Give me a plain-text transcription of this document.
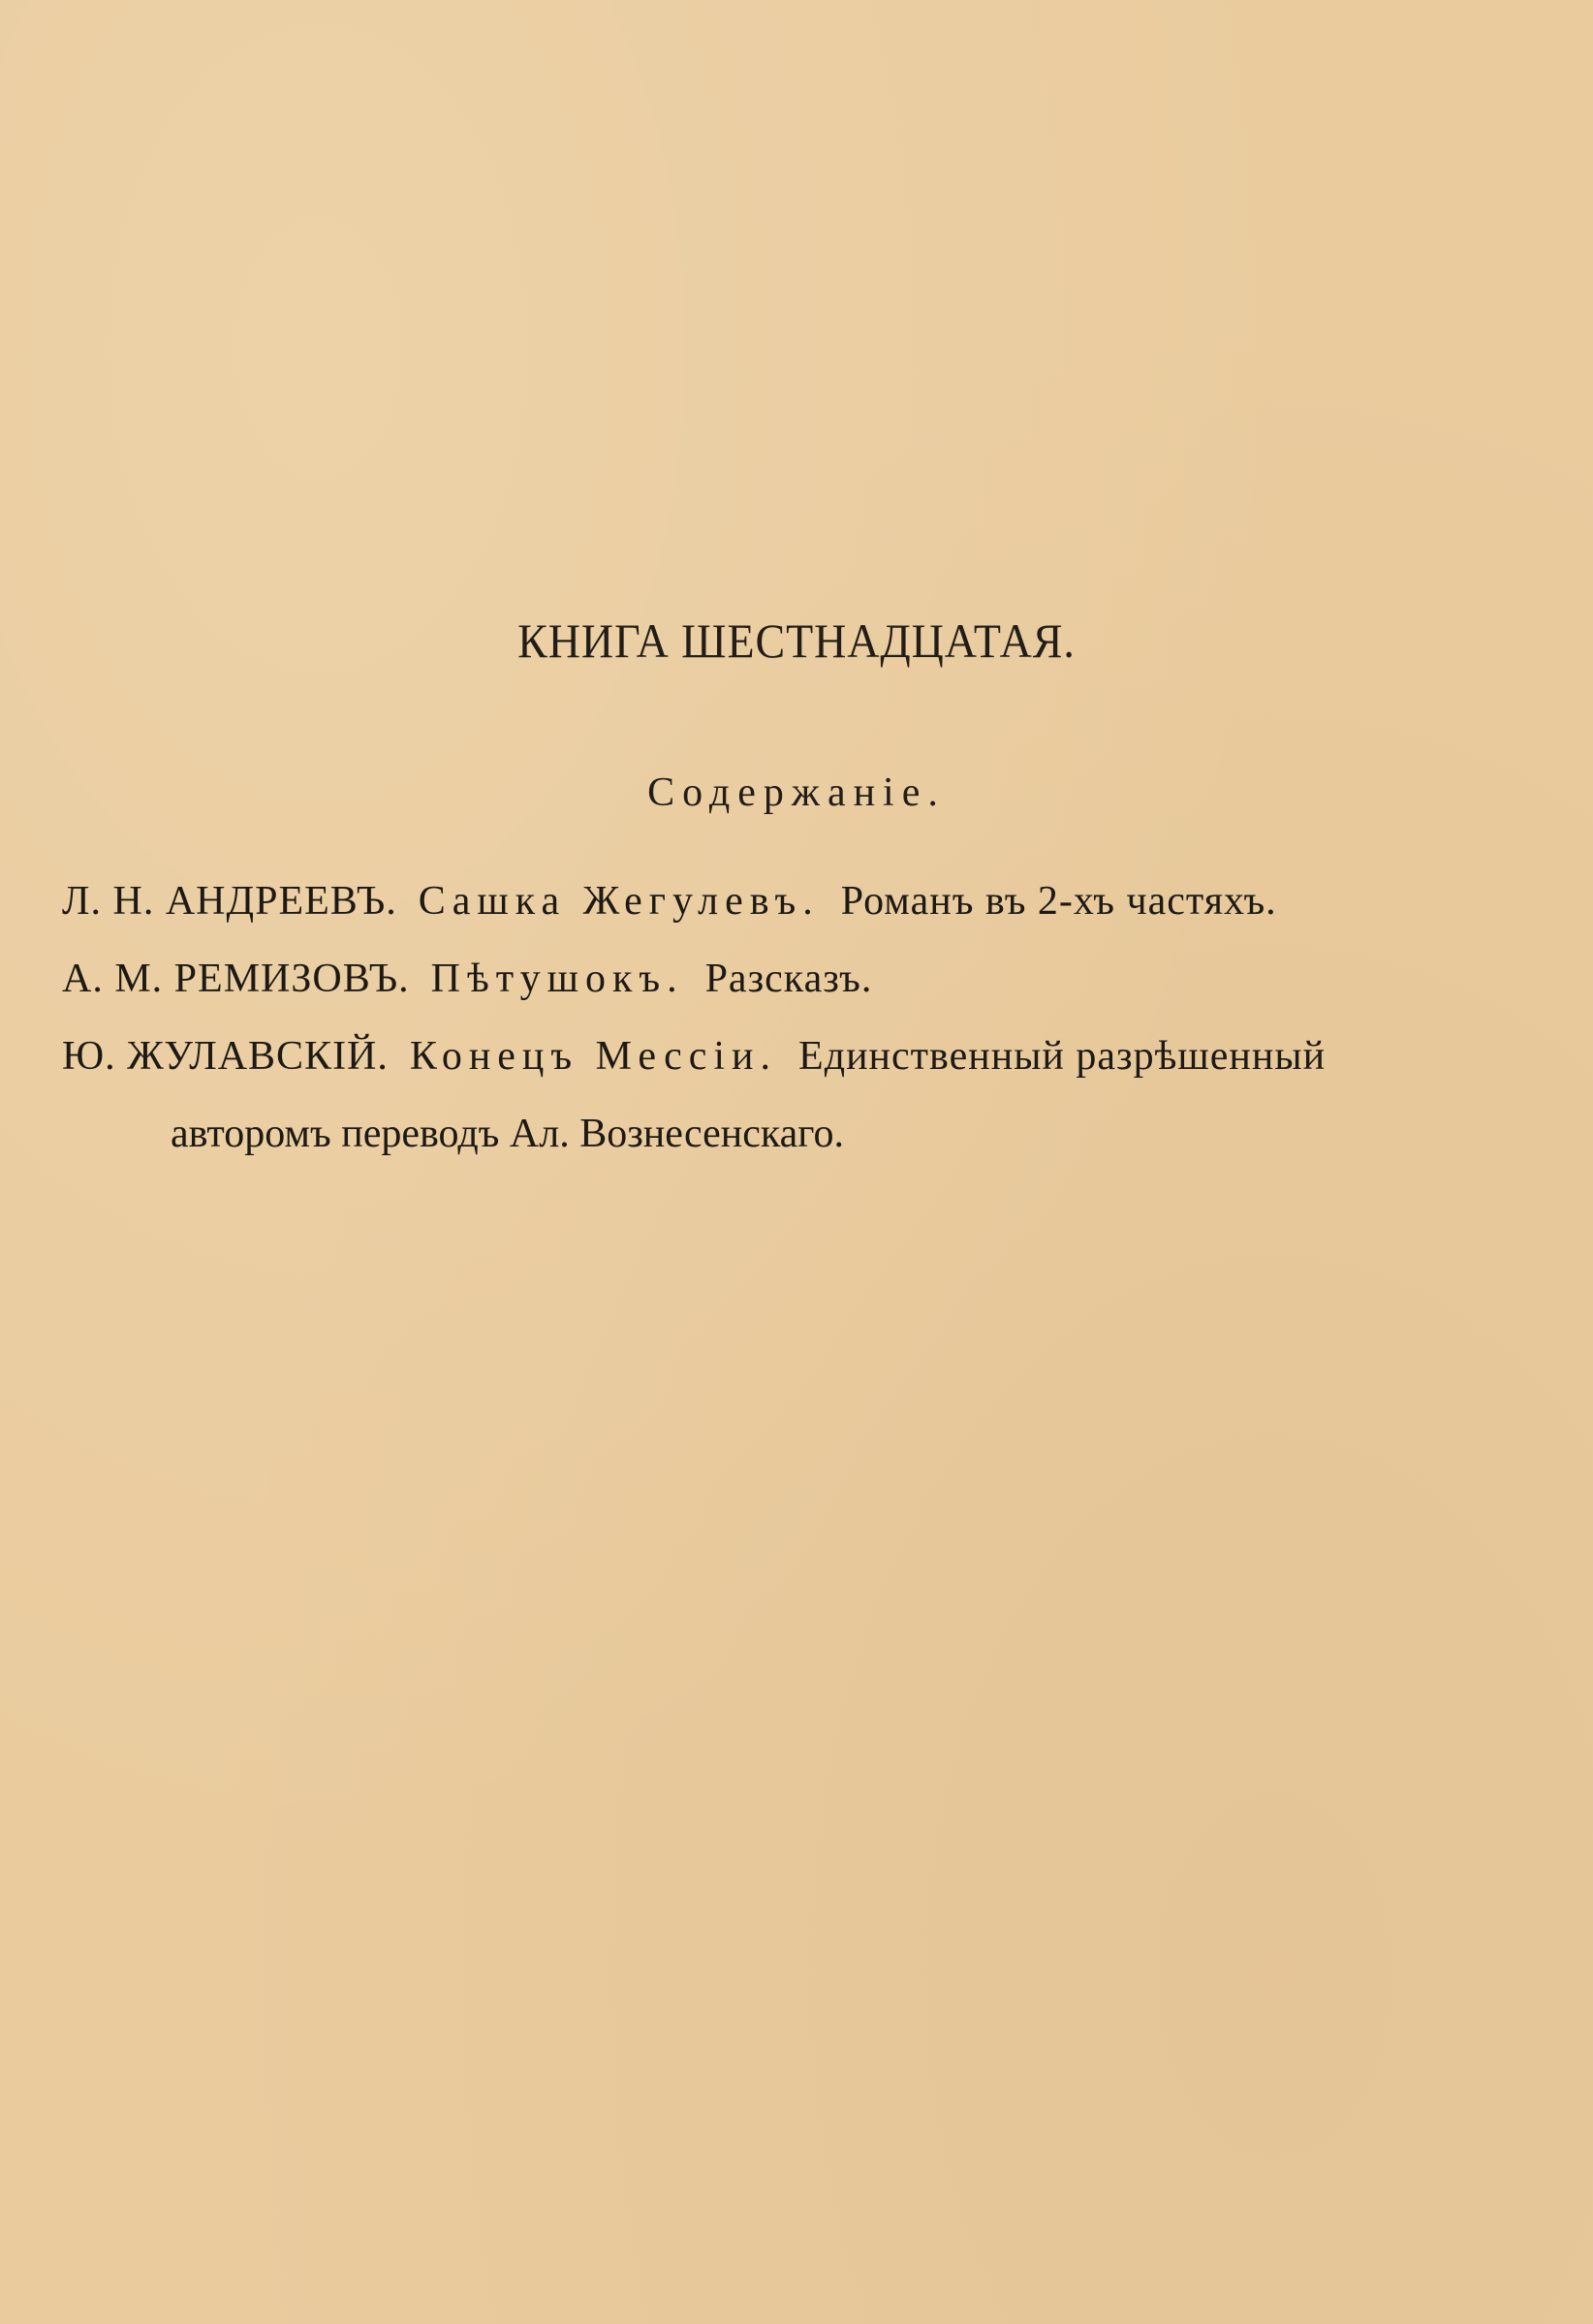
КНИГА ШЕСТНАДЦАТАЯ.
Содержаніе.
Л. Н. АНДРЕЕВЪ. Сашка Жегулевъ. Романъ въ 2-хъ частяхъ.
А. М. РЕМИЗОВЪ. Пѣтушокъ. Разсказъ.
Ю. ЖУЛАВСКІЙ. Конецъ Мессіи. Единственный разрѣшенный
авторомъ переводъ Ал. Вознесенскаго.
